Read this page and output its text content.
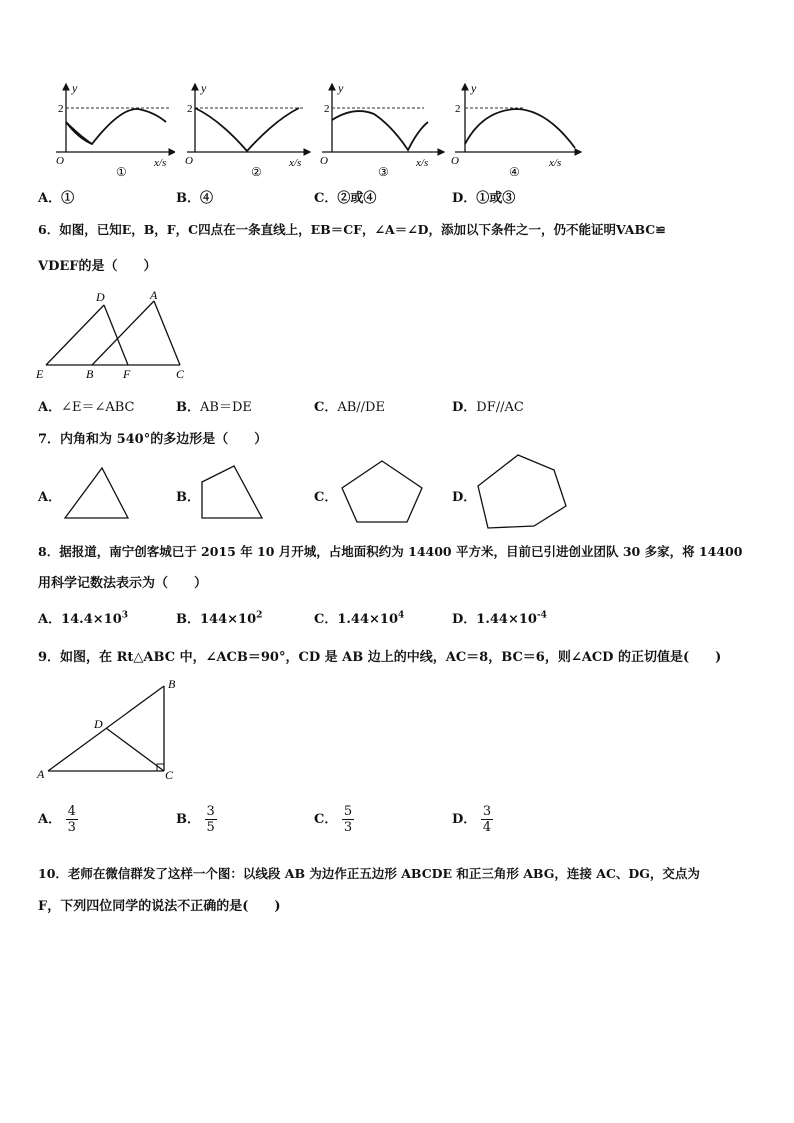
y
2
O	x/s
①
y
2
O	x/s
②
y
2
O	x/s
③
y
2
O	x/s
④
A．①	B．④	C．②或④	D．①或③
6．如图，已知E，B，F，C四点在一条直线上，EB＝CF，∠A＝∠D，添加以下条件之一，仍不能证明VABC≌
VDEF的是（　　）
D	A
E	B F	C
A．∠E＝∠ABC	B．AB＝DE	C．AB//DE	D．DF//AC
7．内角和为 540°的多边形是（　　）
A．	B．	C．	D．
8．据报道，南宁创客城已于 2015 年 10 月开城，占地面积约为 14400 平方米，目前已引进创业团队 30 多家，将 14400
用科学记数法表示为（　　）
A．$14.4\times 10^3$	B．$144\times 10^2$	C．$1.44\times 10^4$	D．$1.44\times 10^{-4}$
9．如图，在 Rt△ABC 中，∠ACB＝90°，CD 是 AB 边上的中线，AC＝8，BC＝6，则∠ACD 的正切值是(　　)
B
D
A	C
A． $\frac{4}{3}$	B． $\frac{3}{5}$	C． $\frac{5}{3}$	D． $\frac{3}{4}$
10．老师在微信群发了这样一个图：以线段 AB 为边作正五边形 ABCDE 和正三角形 ABG，连接 AC、DG，交点为
F，下列四位同学的说法不正确的是(　　)
